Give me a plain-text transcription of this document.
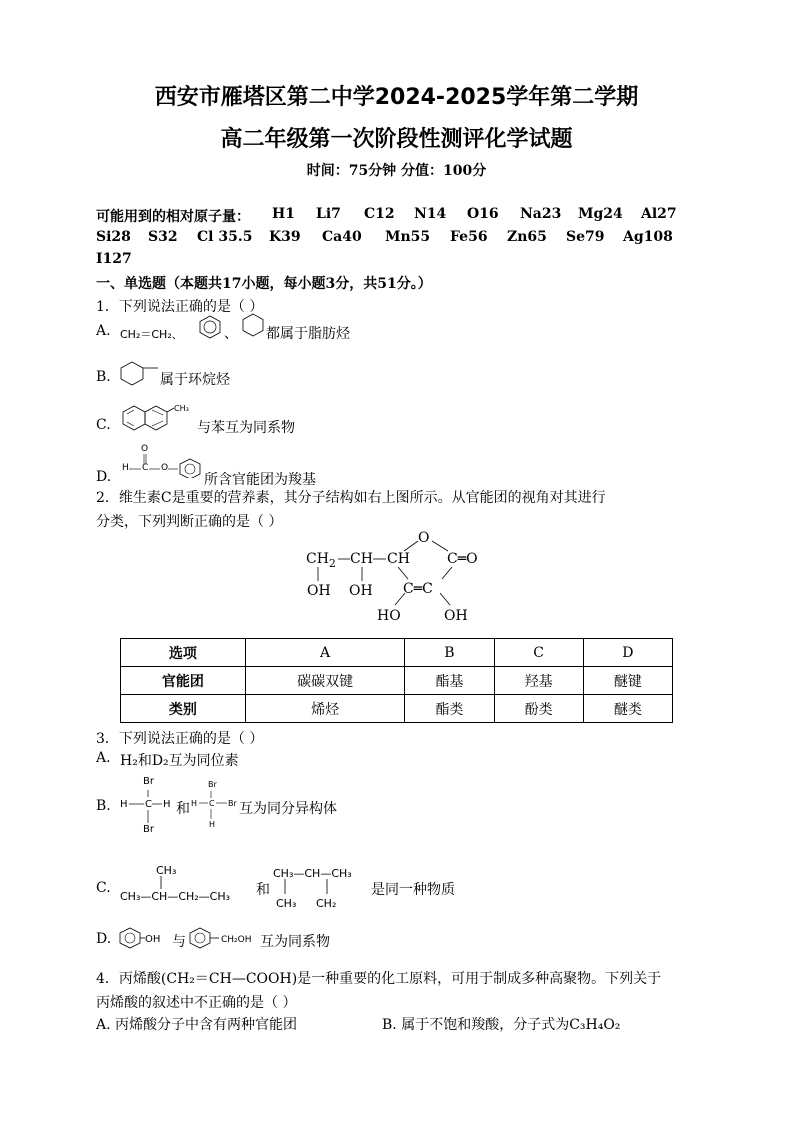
西安市雁塔区第二中学2024-2025学年第二学期
高二年级第一次阶段性测评化学试题
时间：75分钟 分值：100分
可能用到的相对原子量： H1 Li7 C12 N14 O16 Na23 Mg24 Al27
Si28 S32 Cl 35.5 K39 Ca40 Mn55 Fe56 Zn65 Se79 Ag108
I127
一、单选题（本题共17小题，每小题3分，共51分。）
1．下列说法正确的是（ ）
A. CH₂＝CH₂、	、 都属于脂肪烃
B.	属于环烷烃
C.
CH₃
与苯互为同系物
D.
O
H C O
所含官能团为羧基
2．维生素C是重要的营养素，其分子结构如右上图所示。从官能团的视角对其进行
分类，下列判断正确的是（ ）
$CH_2$ CH CH
O
C═O
C═C
OH OH
HO	OH
选项	A	B	C	D
官能团	碳碳双键	酯基	羟基	醚键
类别	烯烃	酯类	酚类	醚类
3．下列说法正确的是（ ）
A. H₂和D₂互为同位素
B.
Br
H C H
Br
和
Br
H C Br
H
互为同分异构体
C.
CH₃
CH₃—CH—CH₂—CH₃ 和
CH₃—CH—CH₃
CH₃ CH₂
是同一种物质
D.	OH 与	CH₂OH 互为同系物
4．丙烯酸(CH₂＝CH—COOH)是一种重要的化工原料，可用于制成多种高聚物。下列关于
丙烯酸的叙述中不正确的是（ ）
A. 丙烯酸分子中含有两种官能团	B. 属于不饱和羧酸，分子式为C₃H₄O₂
